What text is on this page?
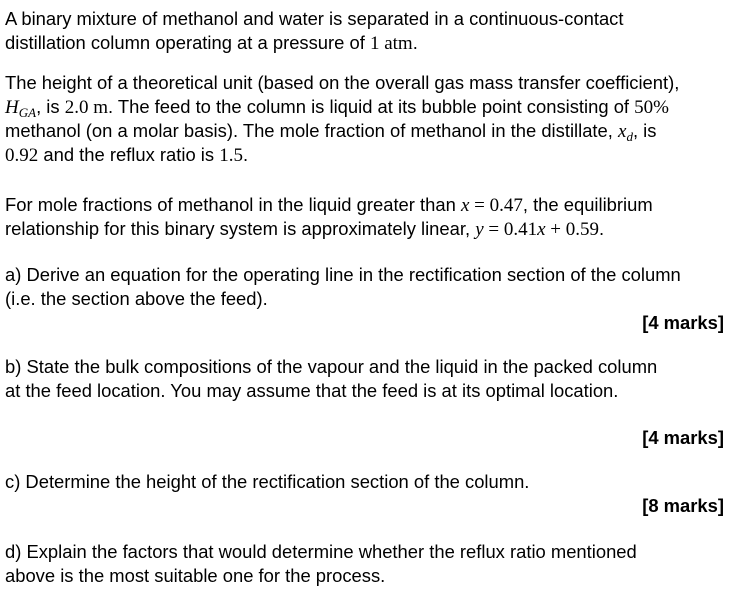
A binary mixture of methanol and water is separated in a continuous-contact
distillation column operating at a pressure of 1 atm.
The height of a theoretical unit (based on the overall gas mass transfer coefficient),
$H_{GA}$, is 2.0 m. The feed to the column is liquid at its bubble point consisting of 50%
methanol (on a molar basis). The mole fraction of methanol in the distillate, $x_d$, is
0.92 and the reflux ratio is 1.5.
For mole fractions of methanol in the liquid greater than x = 0.47, the equilibrium
relationship for this binary system is approximately linear, y = 0.41x + 0.59.
a) Derive an equation for the operating line in the rectification section of the column
(i.e. the section above the feed).
[4 marks]
b) State the bulk compositions of the vapour and the liquid in the packed column
at the feed location. You may assume that the feed is at its optimal location.
[4 marks]
c) Determine the height of the rectification section of the column.
[8 marks]
d) Explain the factors that would determine whether the reflux ratio mentioned
above is the most suitable one for the process.
